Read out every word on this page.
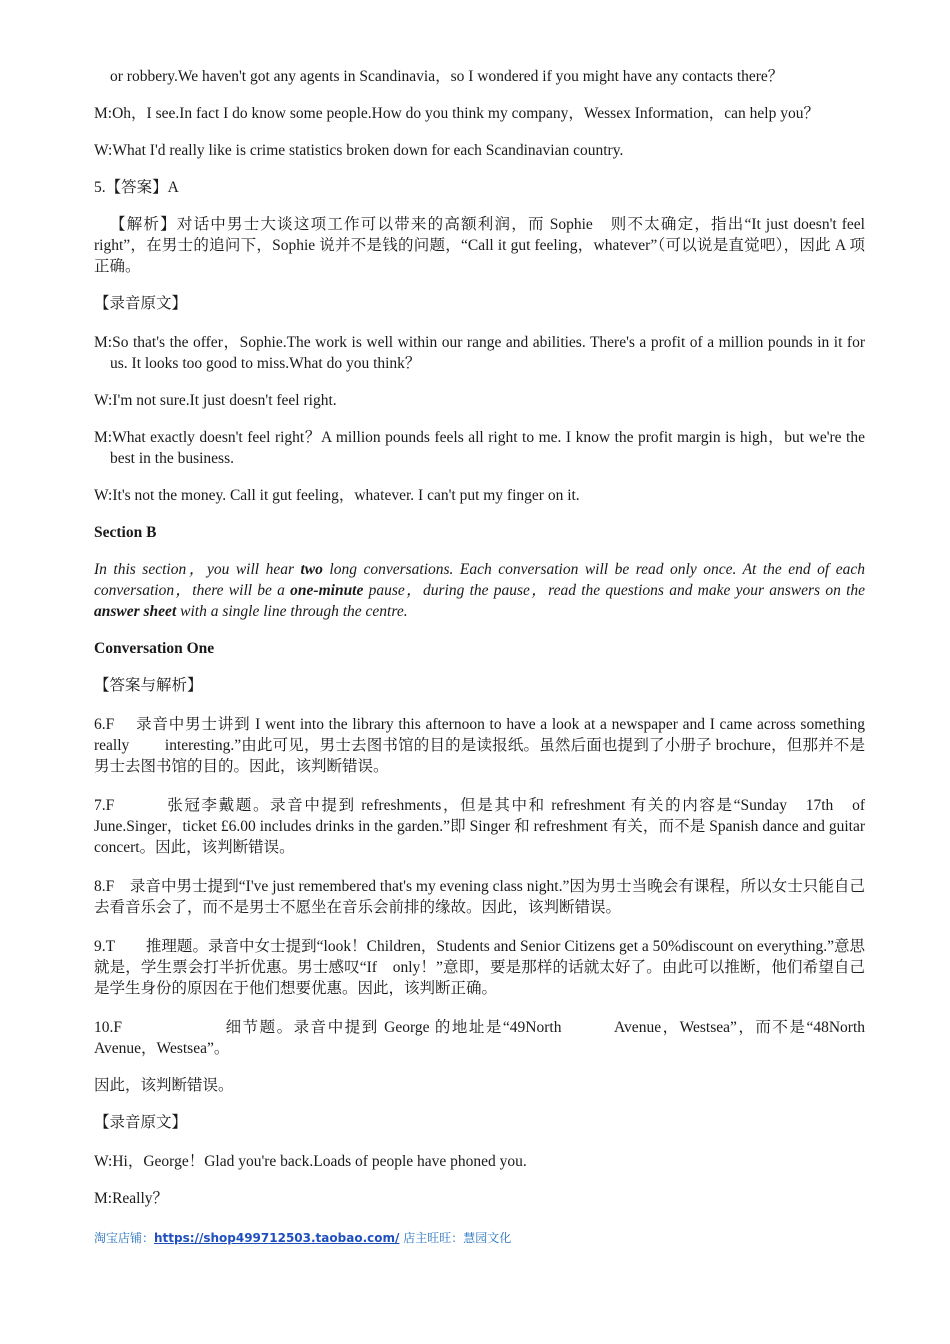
or robbery.We haven't got any agents in Scandinavia，so I wondered if you might have any contacts there？

M:Oh，I see.In fact I do know some people.How do you think my company，Wessex Information，can help you？

W:What I'd really like is crime statistics broken down for each Scandinavian country.

5.【答案】A

【解析】对话中男士大谈这项工作可以带来的高额利润，而 Sophie　则不太确定，指出“It just doesn't feel right”，在男士的追问下，Sophie 说并不是钱的问题，“Call it gut feeling，whatever”（可以说是直觉吧），因此 A 项正确。

【录音原文】

M:So that's the offer，Sophie.The work is well within our range and abilities. There's a profit of a million pounds in it for us. It looks too good to miss.What do you think？

W:I'm not sure.It just doesn't feel right.

M:What exactly doesn't feel right？A million pounds feels all right to me. I know the profit margin is high，but we're the best in the business.

W:It's not the money. Call it gut feeling，whatever. I can't put my finger on it.

Section B

In this section，you will hear two long conversations. Each conversation will be read only once. At the end of each conversation，there will be a one-minute pause，during the pause，read the questions and make your answers on the answer sheet with a single line through the centre.

Conversation One

【答案与解析】

6.F　 录音中男士讲到 I went into the library this afternoon to have a look at a newspaper and I came across something　　 really　　 interesting.”由此可见，男士去图书馆的目的是读报纸。虽然后面也提到了小册子 brochure，但那并不是男士去图书馆的目的。因此，该判断错误。

7.F　　　张冠李戴题。录音中提到 refreshments，但是其中和 refreshment 有关的内容是“Sunday　17th　of June.Singer，ticket £6.00 includes drinks in the garden.”即 Singer 和 refreshment 有关，而不是 Spanish dance and guitar concert。因此，该判断错误。

8.F　录音中男士提到“I've just remembered that's my evening class night.”因为男士当晚会有课程，所以女士只能自己去看音乐会了，而不是男士不愿坐在音乐会前排的缘故。因此，该判断错误。

9.T　　推理题。录音中女士提到“look！Children，Students and Senior Citizens get a 50%discount on everything.”意思就是，学生票会打半折优惠。男士感叹“If　only！”意即，要是那样的话就太好了。由此可以推断，他们希望自己是学生身份的原因在于他们想要优惠。因此，该判断正确。

10.F　　　　　　细节题。录音中提到 George 的地址是“49North　　　Avenue，Westsea”，而不是“48North Avenue，Westsea”。

因此，该判断错误。

【录音原文】

W:Hi，George！Glad you're back.Loads of people have phoned you.

M:Really？

淘宝店铺：https://shop499712503.taobao.com/ 店主旺旺：慧园文化
